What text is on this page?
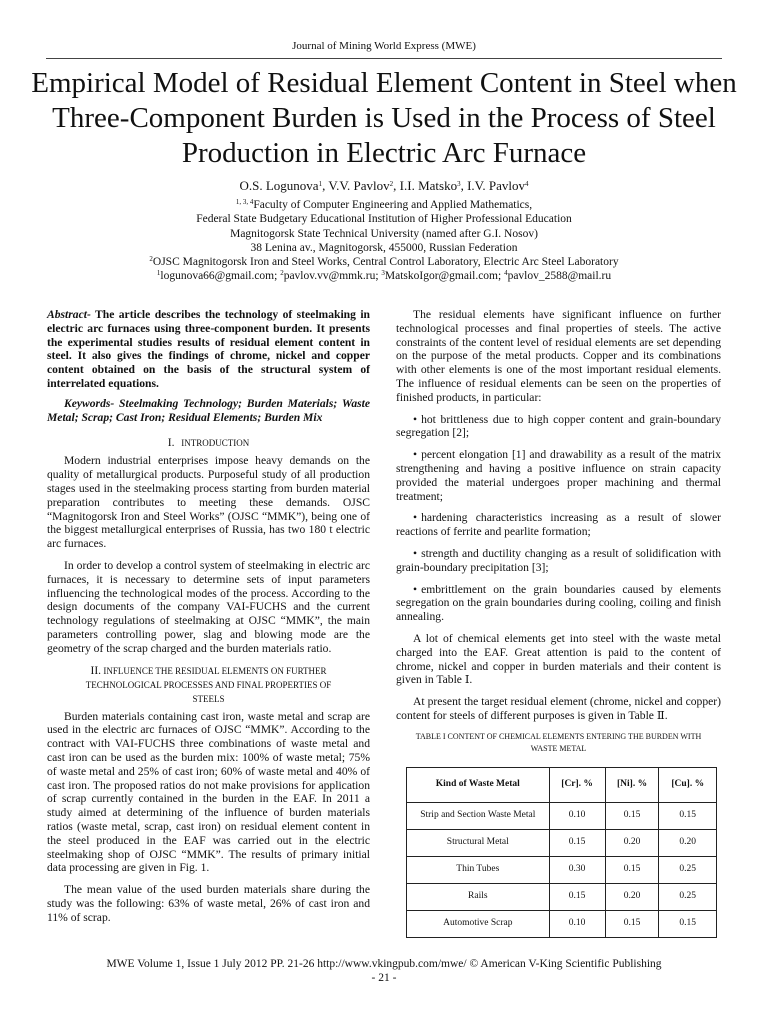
Journal of Mining World Express (MWE)
Empirical Model of Residual Element Content in Steel when Three-Component Burden is Used in the Process of Steel Production in Electric Arc Furnace
O.S. Logunova$^1$, V.V. Pavlov$^2$, I.I. Matsko$^3$, I.V. Pavlov$^4$
$^{1, 3, 4}$Faculty of Computer Engineering and Applied Mathematics,
Federal State Budgetary Educational Institution of Higher Professional Education
Magnitogorsk State Technical University (named after G.I. Nosov)
38 Lenina av., Magnitogorsk, 455000, Russian Federation
$^2$OJSC Magnitogorsk Iron and Steel Works, Central Control Laboratory, Electric Arc Steel Laboratory
$^1$logunova66@gmail.com; $^2$pavlov.vv@mmk.ru; $^3$MatskoIgor@gmail.com; $^4$pavlov_2588@mail.ru

Abstract- The article describes the technology of steelmaking in electric arc furnaces using three-component burden. It presents the experimental studies results of residual element content in steel. It also gives the findings of chrome, nickel and copper content obtained on the basis of the structural system of interrelated equations.

Keywords- Steelmaking Technology; Burden Materials; Waste Metal; Scrap; Cast Iron; Residual Elements; Burden Mix

I. INTRODUCTION

Modern industrial enterprises impose heavy demands on the quality of metallurgical products. Purposeful study of all production stages used in the steelmaking process starting from burden material preparation contributes to meeting these demands. OJSC “Magnitogorsk Iron and Steel Works” (OJSC “MMK”), being one of the biggest metallurgical enterprises of Russia, has two 180 t electric arc furnaces.

In order to develop a control system of steelmaking in electric arc furnaces, it is necessary to determine sets of input parameters influencing the technological modes of the process. According to the design documents of the company VAI-FUCHS and the current technology regulations of steelmaking at OJSC “MMK”, the main parameters controlling power, slag and blowing mode are the geometry of the scrap charged and the burden materials ratio.

II. INFLUENCE THE RESIDUAL ELEMENTS ON FURTHER
TECHNOLOGICAL PROCESSES AND FINAL PROPERTIES OF
STEELS

Burden materials containing cast iron, waste metal and scrap are used in the electric arc furnaces of OJSC “MMK”. According to the contract with VAI-FUCHS three combinations of waste metal and cast iron can be used as the burden mix: 100% of waste metal; 75% of waste metal and 25% of cast iron; 60% of waste metal and 40% of cast iron. The proposed ratios do not make provisions for application of scrap currently contained in the burden in the EAF. In 2011 a study aimed at determining of the influence of burden materials ratios (waste metal, scrap, cast iron) on residual element content in the steel produced in the EAF was carried out in the electric steelmaking shop of OJSC “MMK”. The results of primary initial data processing are given in Fig. 1.

The mean value of the used burden materials share during the study was the following: 63% of waste metal, 26% of cast iron and 11% of scrap.

The residual elements have significant influence on further technological processes and final properties of steels. The active constraints of the content level of residual elements are set depending on the purpose of the metal products. Copper and its combinations with other elements is one of the most important residual elements. The influence of residual elements can be seen on the properties of finished products, in particular:

• hot brittleness due to high copper content and grain-boundary segregation [2];
• percent elongation [1] and drawability as a result of the matrix strengthening and having a positive influence on strain capacity provided the material undergoes proper machining and thermal treatment;
• hardening characteristics increasing as a result of slower reactions of ferrite and pearlite formation;
• strength and ductility changing as a result of solidification with grain-boundary precipitation [3];
• embrittlement on the grain boundaries caused by elements segregation on the grain boundaries during cooling, coiling and finish annealing.

A lot of chemical elements get into steel with the waste metal charged into the EAF. Great attention is paid to the content of chrome, nickel and copper in burden materials and their content is given in Table Ⅰ.

At present the target residual element (chrome, nickel and copper) content for steels of different purposes is given in Table Ⅱ.

TABLE I CONTENT OF CHEMICAL ELEMENTS ENTERING THE BURDEN WITH WASTE METAL

Kind of Waste Metal	[Cr]. %	[Ni]. %	[Cu]. %
Strip and Section Waste Metal	0.10	0.15	0.15
Structural Metal	0.15	0.20	0.20
Thin Tubes	0.30	0.15	0.25
Rails	0.15	0.20	0.25
Automotive Scrap	0.10	0.15	0.15
MWE Volume 1, Issue 1 July 2012 PP. 21-26 http://www.vkingpub.com/mwe/ © American V-King Scientific Publishing
- 21 -
